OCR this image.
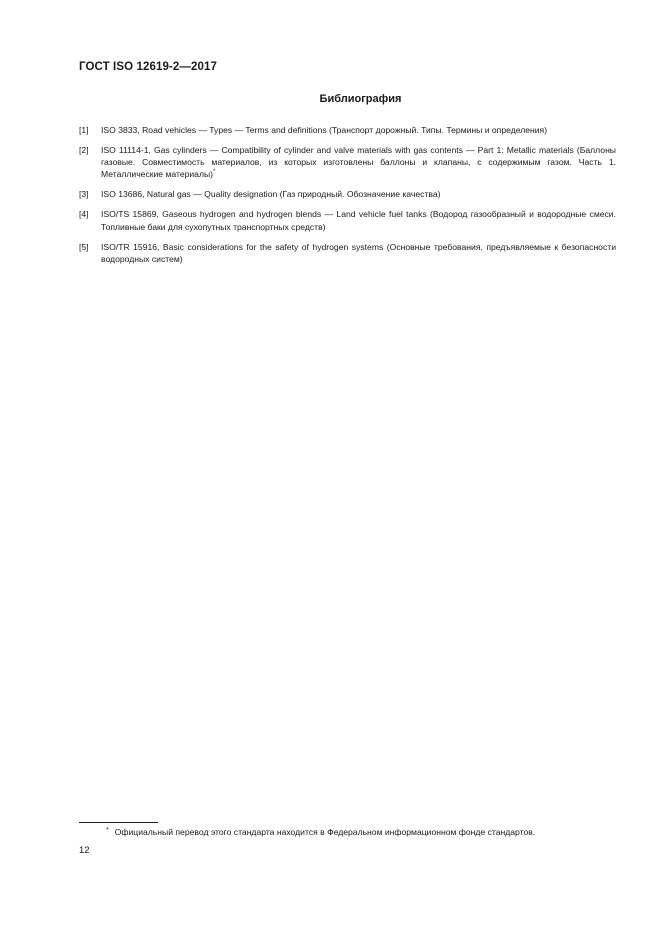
ГОСТ ISO 12619-2—2017
Библиография
[1] ISO 3833, Road vehicles — Types — Terms and definitions (Транспорт дорожный. Типы. Термины и определения)
[2] ISO 11114-1, Gas cylinders — Compatibility of cylinder and valve materials with gas contents — Part 1: Metallic materials (Баллоны газовые. Совместимость материалов, из которых изготовлены баллоны и клапаны, с содержимым газом. Часть 1. Металлические материалы)*
[3] ISO 13686, Natural gas — Quality designation (Газ природный. Обозначение качества)
[4] ISO/TS 15869, Gaseous hydrogen and hydrogen blends — Land vehicle fuel tanks (Водород газообразный и водородные смеси. Топливные баки для сухопутных транспортных средств)
[5] ISO/TR 15916, Basic considerations for the safety of hydrogen systems (Основные требования, предъявляемые к безопасности водородных систем)
* Официальный перевод этого стандарта находится в Федеральном информационном фонде стандартов.
12
